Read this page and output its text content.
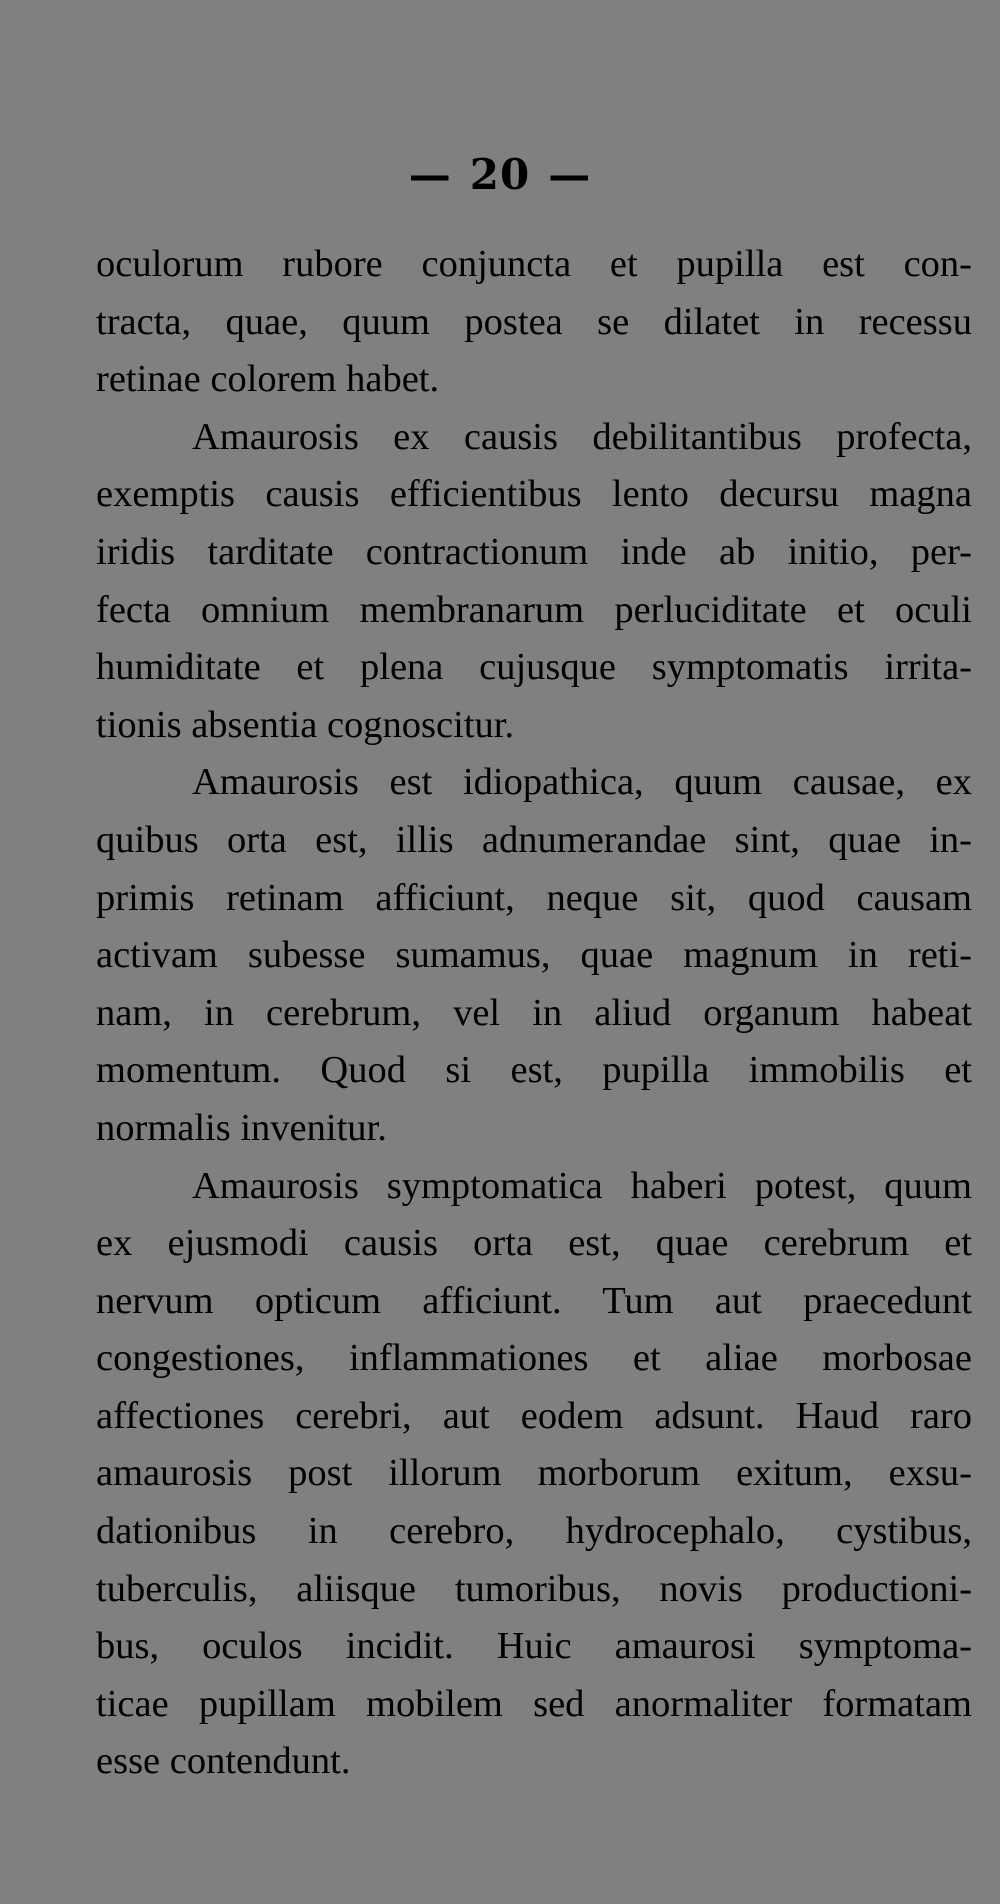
— 20 —
oculorum rubore conjuncta et pupilla est con-
tracta, quae, quum postea se dilatet in recessu
retinae colorem habet.
Amaurosis ex causis debilitantibus profecta,
exemptis causis efficientibus lento decursu magna
iridis tarditate contractionum inde ab initio, per-
fecta omnium membranarum perluciditate et oculi
humiditate et plena cujusque symptomatis irrita-
tionis absentia cognoscitur.
Amaurosis est idiopathica, quum causae, ex
quibus orta est, illis adnumerandae sint, quae in-
primis retinam afficiunt, neque sit, quod causam
activam subesse sumamus, quae magnum in reti-
nam, in cerebrum, vel in aliud organum habeat
momentum. Quod si est, pupilla immobilis et
normalis invenitur.
Amaurosis symptomatica haberi potest, quum
ex ejusmodi causis orta est, quae cerebrum et
nervum opticum afficiunt. Tum aut praecedunt
congestiones, inflammationes et aliae morbosae
affectiones cerebri, aut eodem adsunt. Haud raro
amaurosis post illorum morborum exitum, exsu-
dationibus in cerebro, hydrocephalo, cystibus,
tuberculis, aliisque tumoribus, novis productioni-
bus, oculos incidit. Huic amaurosi symptoma-
ticae pupillam mobilem sed anormaliter formatam
esse contendunt.
